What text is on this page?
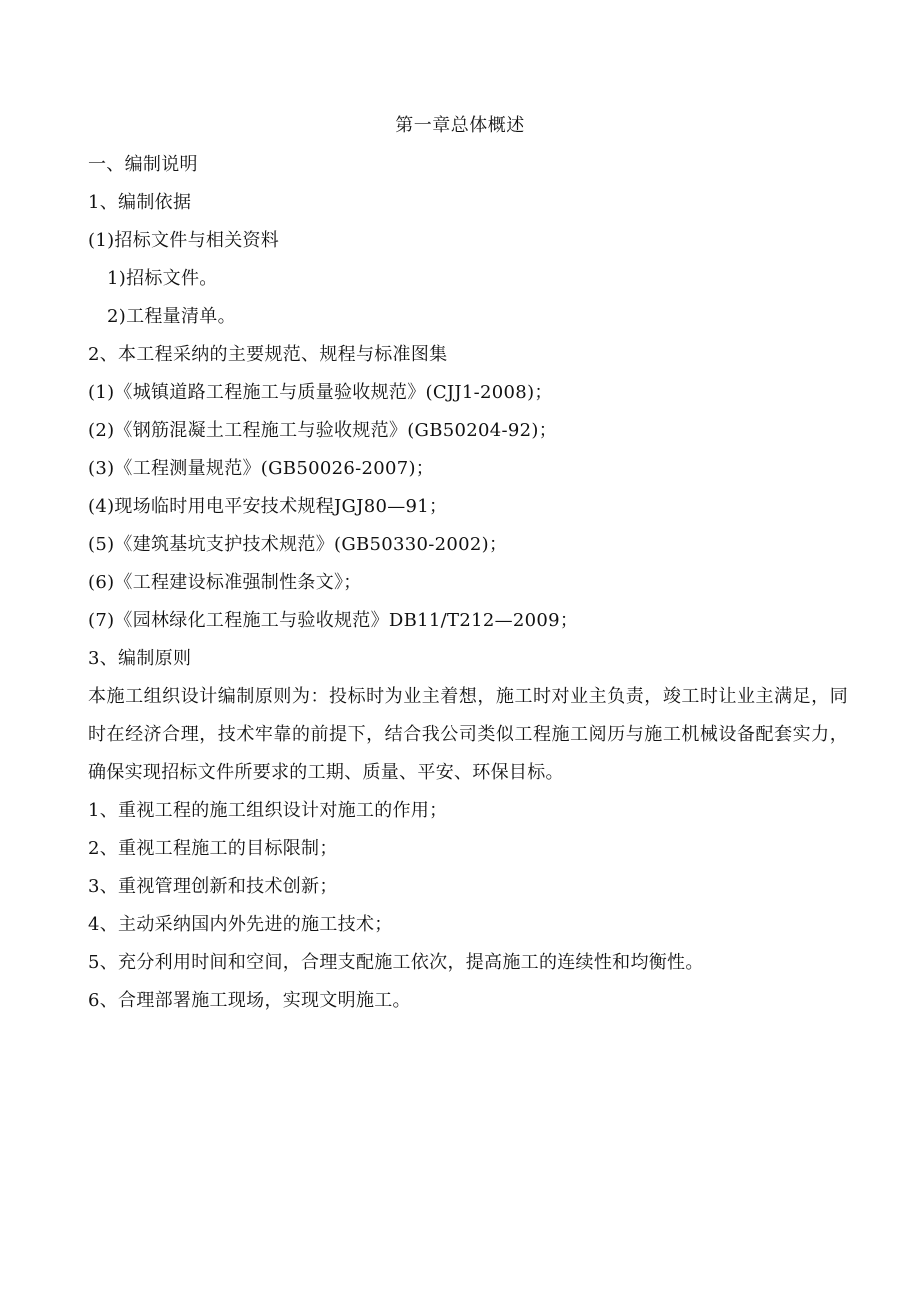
第一章总体概述
一、编制说明
1、编制依据
(1)招标文件与相关资料
1)招标文件。
2)工程量清单。
2、本工程采纳的主要规范、规程与标准图集
(1)《城镇道路工程施工与质量验收规范》(CJJ1-2008)；
(2)《钢筋混凝土工程施工与验收规范》(GB50204-92)；
(3)《工程测量规范》(GB50026-2007)；
(4)现场临时用电平安技术规程JGJ80—91；
(5)《建筑基坑支护技术规范》(GB50330-2002)；
(6)《工程建设标准强制性条文》；
(7)《园林绿化工程施工与验收规范》DB11/T212—2009；
3、编制原则

本施工组织设计编制原则为：投标时为业主着想，施工时对业主负责，竣工时让业主满足，同时在经济合理，技术牢靠的前提下，结合我公司类似工程施工阅历与施工机械设备配套实力，确保实现招标文件所要求的工期、质量、平安、环保目标。

1、重视工程的施工组织设计对施工的作用；
2、重视工程施工的目标限制；
3、重视管理创新和技术创新；
4、主动采纳国内外先进的施工技术；
5、充分利用时间和空间，合理支配施工依次，提高施工的连续性和均衡性。
6、合理部署施工现场，实现文明施工。
